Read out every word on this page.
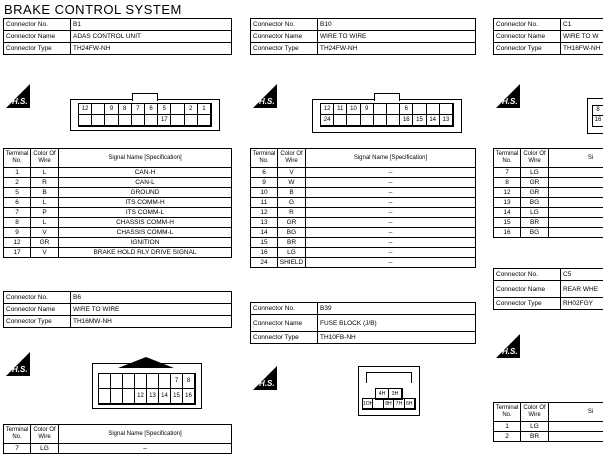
BRAKE CONTROL SYSTEM
Connector No.	B1
Connector Name	ADAS CONTROL UNIT
Connector Type	TH24FW-NH
H.S.
12	9	8	7	6	5	2	1
17
Terminal
No.	Color Of
Wire	Signal Name [Specification]
1	L	CAN-H
2	R	CAN-L
5	B	GROUND
6	L	ITS COMM-H
7	P	ITS COMM-L
8	L	CHASSIS COMM-H
9	V	CHASSIS COMM-L
12	GR	IGNITION
17	V	BRAKE HOLD RLY DRIVE SIGNAL
Connector No.	B6
Connector Name	WIRE TO WIRE
Connector Type	TH16MW-NH
H.S.
7	8
12 13 14 15 16
Terminal
No.	Color Of
Wire	Signal Name [Specification]
7	LG	–
Connector No.	B10
Connector Name	WIRE TO WIRE
Connector Type	TH24FW-NH
H.S.
12	11	10	9	6
24	16	15	14	13
Terminal
No.	Color Of
Wire	Signal Name [Specification]
6	V	–
9	W	–
10	B	–
11	G	–
12	R	–
13	GR	–
14	BG	–
15	BR	–
16	LG	–
24	SHIELD	–
Connector No.	B39
Connector Name	FUSE BLOCK (J/B)
Connector Type	TH10FB-NH
H.S.
4H	3H
1OH 8H 7H 6H
Connector No.	C1
Connector Name	WIRE TO W
Connector Type	TH16FW-NH
H.S.
8
16
Terminal
No.	Color Of
Wire	Si
7	LG	
8	GR	
12	GR	
13	BG	
14	LG	
15	BR	
16	BG	
Connector No.	C5
Connector Name	REAR WHE
Connector Type	RH02FGY
H.S.
Terminal
No.	Color Of
Wire	Si
1	LG	
2	BR	
